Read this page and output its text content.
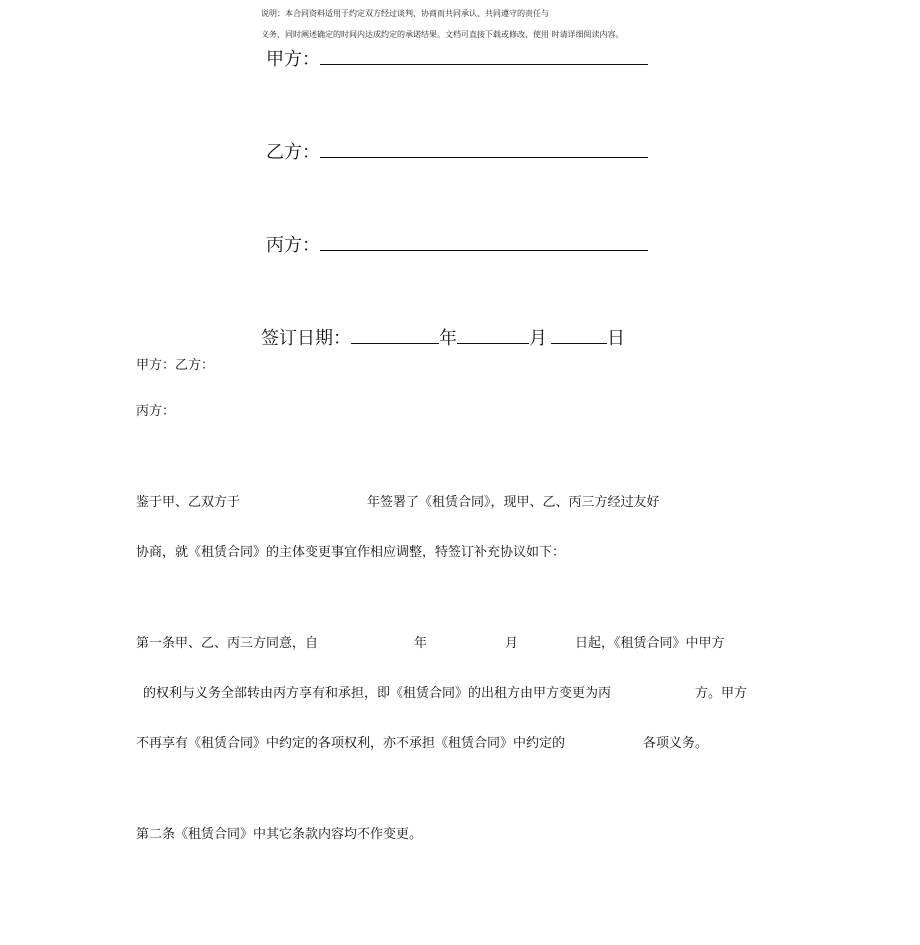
说明：本合同资料适用于约定双方经过谈判、协商而共同承认、共同遵守的责任与
义务，同时阐述确定的时间内达成约定的承诺结果。文档可直接下载或修改，使用 时请详细阅读内容。
甲方：
乙方：
丙方：
签订日期：	年	月	日
甲方：乙方：
丙方：
鉴于甲、乙双方于	年签署了《租赁合同》，现甲、乙、丙三方经过友好
协商，就《租赁合同》的主体变更事宜作相应调整，特签订补充协议如下：
第一条甲、乙、丙三方同意，自	年	月	日起，《租赁合同》中甲方
的权利与义务全部转由丙方享有和承担，即《租赁合同》的出租方由甲方变更为丙	方。甲方
不再享有《租赁合同》中约定的各项权利，亦不承担《租赁合同》中约定的	各项义务。
第二条《租赁合同》中其它条款内容均不作变更。
